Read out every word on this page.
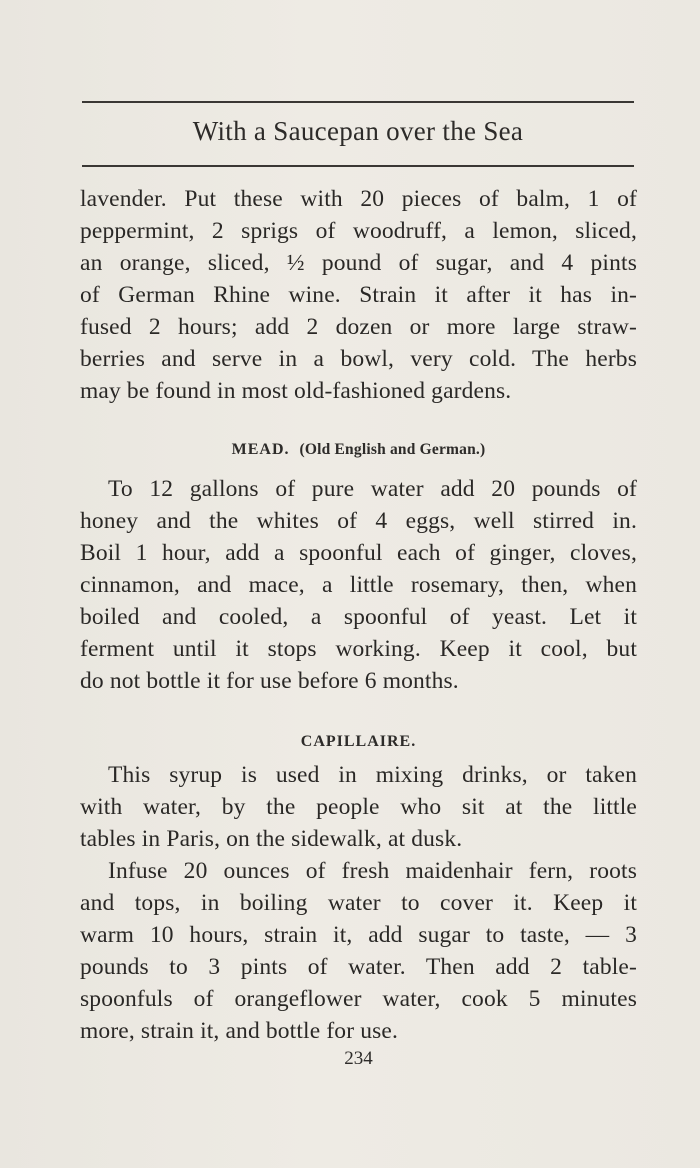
With a Saucepan over the Sea
lavender. Put these with 20 pieces of balm, 1 of
peppermint, 2 sprigs of woodruff, a lemon, sliced,
an orange, sliced, ½ pound of sugar, and 4 pints
of German Rhine wine. Strain it after it has in-
fused 2 hours; add 2 dozen or more large straw-
berries and serve in a bowl, very cold. The herbs
may be found in most old-fashioned gardens.
MEAD. (Old English and German.)
To 12 gallons of pure water add 20 pounds of
honey and the whites of 4 eggs, well stirred in.
Boil 1 hour, add a spoonful each of ginger, cloves,
cinnamon, and mace, a little rosemary, then, when
boiled and cooled, a spoonful of yeast. Let it
ferment until it stops working. Keep it cool, but
do not bottle it for use before 6 months.
CAPILLAIRE.
This syrup is used in mixing drinks, or taken
with water, by the people who sit at the little
tables in Paris, on the sidewalk, at dusk.
Infuse 20 ounces of fresh maidenhair fern, roots
and tops, in boiling water to cover it. Keep it
warm 10 hours, strain it, add sugar to taste, — 3
pounds to 3 pints of water. Then add 2 table-
spoonfuls of orangeflower water, cook 5 minutes
more, strain it, and bottle for use.
234
